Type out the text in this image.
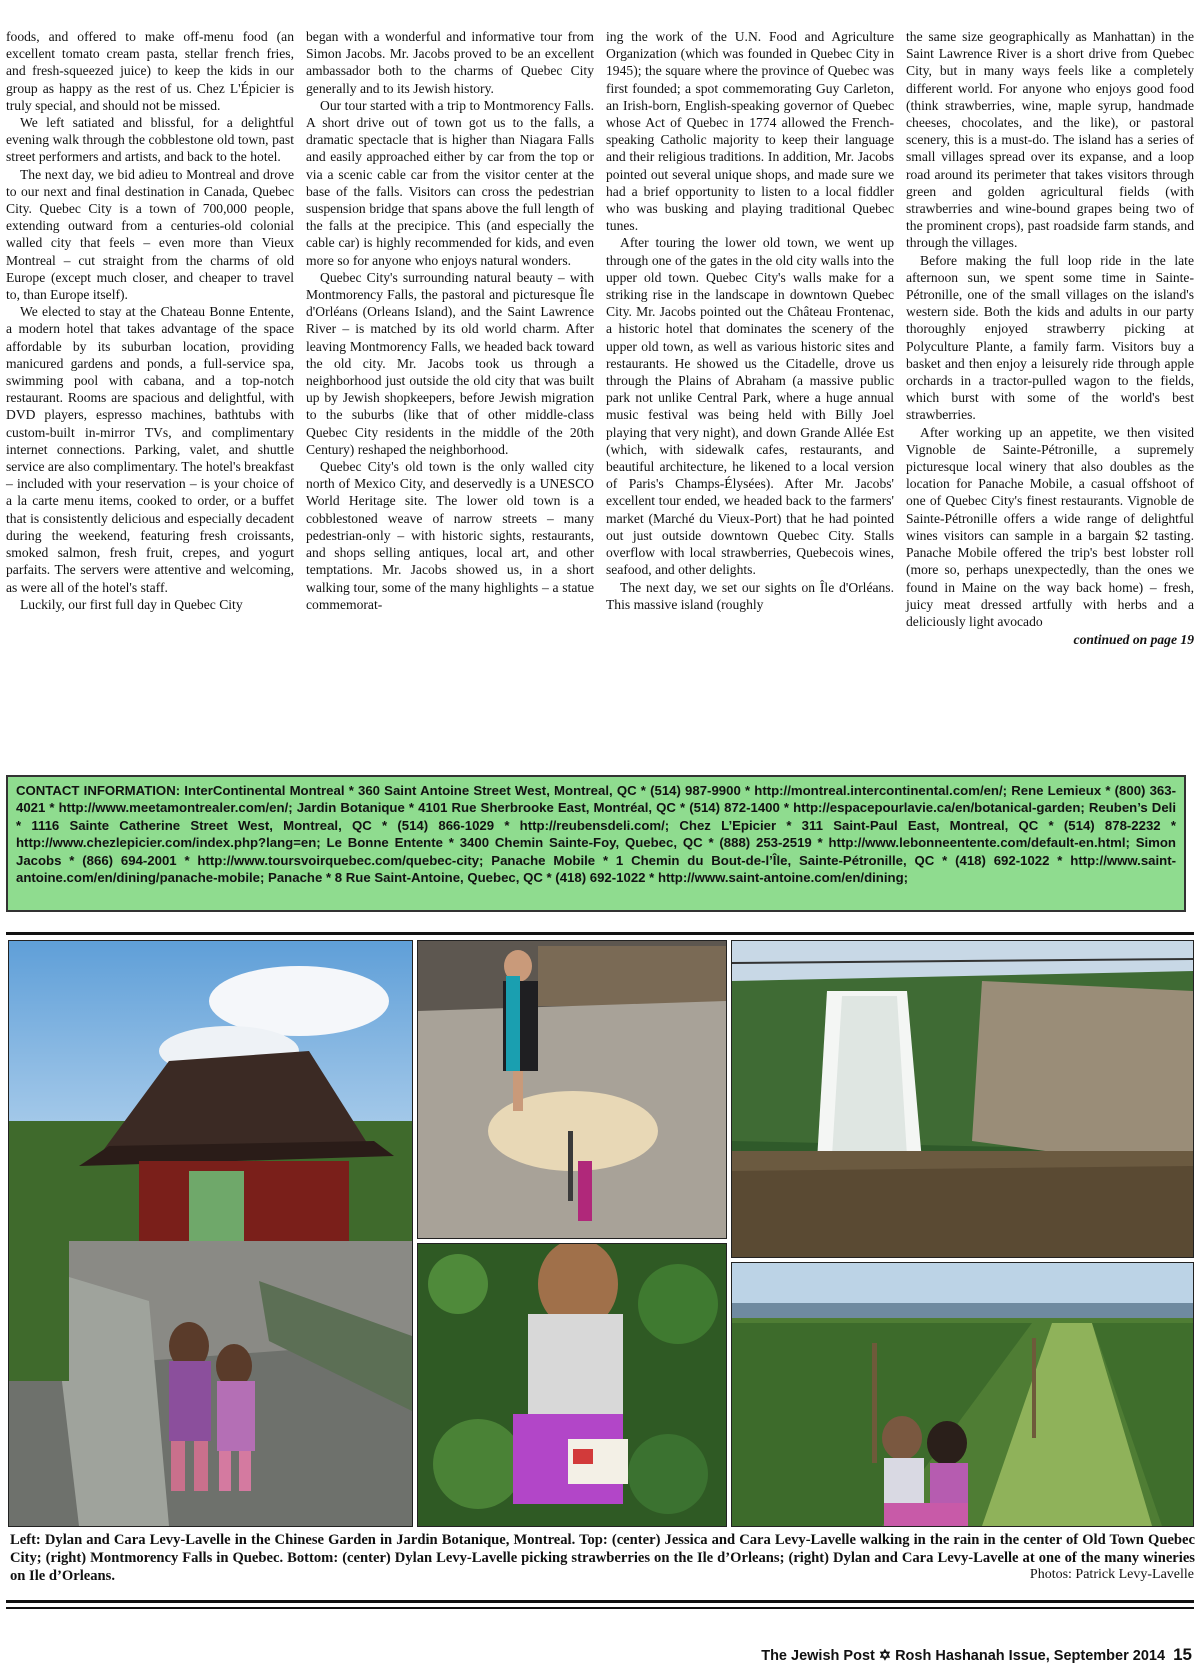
foods, and offered to make off-menu food (an excellent tomato cream pasta, stellar french fries, and fresh-squeezed juice) to keep the kids in our group as happy as the rest of us. Chez L'Épicier is truly special, and should not be missed.

We left satiated and blissful, for a delightful evening walk through the cobblestone old town, past street performers and artists, and back to the hotel.

The next day, we bid adieu to Montreal and drove to our next and final destination in Canada, Quebec City. Quebec City is a town of 700,000 people, extending outward from a centuries-old colonial walled city that feels – even more than Vieux Montreal – cut straight from the charms of old Europe (except much closer, and cheaper to travel to, than Europe itself).

We elected to stay at the Chateau Bonne Entente, a modern hotel that takes advantage of the space affordable by its suburban location, providing manicured gardens and ponds, a full-service spa, swimming pool with cabana, and a top-notch restaurant. Rooms are spacious and delightful, with DVD players, espresso machines, bathtubs with custom-built in-mirror TVs, and complimentary internet connections. Parking, valet, and shuttle service are also complimentary. The hotel's breakfast – included with your reservation – is your choice of a la carte menu items, cooked to order, or a buffet that is consistently delicious and especially decadent during the weekend, featuring fresh croissants, smoked salmon, fresh fruit, crepes, and yogurt parfaits. The servers were attentive and welcoming, as were all of the hotel's staff.

Luckily, our first full day in Quebec City

began with a wonderful and informative tour from Simon Jacobs. Mr. Jacobs proved to be an excellent ambassador both to the charms of Quebec City generally and to its Jewish history.

Our tour started with a trip to Montmorency Falls. A short drive out of town got us to the falls, a dramatic spectacle that is higher than Niagara Falls and easily approached either by car from the top or via a scenic cable car from the visitor center at the base of the falls. Visitors can cross the pedestrian suspension bridge that spans above the full length of the falls at the precipice. This (and especially the cable car) is highly recommended for kids, and even more so for anyone who enjoys natural wonders.

Quebec City's surrounding natural beauty – with Montmorency Falls, the pastoral and picturesque Île d'Orléans (Orleans Island), and the Saint Lawrence River – is matched by its old world charm. After leaving Montmorency Falls, we headed back toward the old city. Mr. Jacobs took us through a neighborhood just outside the old city that was built up by Jewish shopkeepers, before Jewish migration to the suburbs (like that of other middle-class Quebec City residents in the middle of the 20th Century) reshaped the neighborhood.

Quebec City's old town is the only walled city north of Mexico City, and deservedly is a UNESCO World Heritage site. The lower old town is a cobblestoned weave of narrow streets – many pedestrian-only – with historic sights, restaurants, and shops selling antiques, local art, and other temptations. Mr. Jacobs showed us, in a short walking tour, some of the many highlights – a statue commemorat-

ing the work of the U.N. Food and Agriculture Organization (which was founded in Quebec City in 1945); the square where the province of Quebec was first founded; a spot commemorating Guy Carleton, an Irish-born, English-speaking governor of Quebec whose Act of Quebec in 1774 allowed the French-speaking Catholic majority to keep their language and their religious traditions. In addition, Mr. Jacobs pointed out several unique shops, and made sure we had a brief opportunity to listen to a local fiddler who was busking and playing traditional Quebec tunes.

After touring the lower old town, we went up through one of the gates in the old city walls into the upper old town. Quebec City's walls make for a striking rise in the landscape in downtown Quebec City. Mr. Jacobs pointed out the Château Frontenac, a historic hotel that dominates the scenery of the upper old town, as well as various historic sites and restaurants. He showed us the Citadelle, drove us through the Plains of Abraham (a massive public park not unlike Central Park, where a huge annual music festival was being held with Billy Joel playing that very night), and down Grande Allée Est (which, with sidewalk cafes, restaurants, and beautiful architecture, he likened to a local version of Paris's Champs-Élysées). After Mr. Jacobs' excellent tour ended, we headed back to the farmers' market (Marché du Vieux-Port) that he had pointed out just outside downtown Quebec City. Stalls overflow with local strawberries, Quebecois wines, seafood, and other delights.

The next day, we set our sights on Île d'Orléans. This massive island (roughly

the same size geographically as Manhattan) in the Saint Lawrence River is a short drive from Quebec City, but in many ways feels like a completely different world. For anyone who enjoys good food (think strawberries, wine, maple syrup, handmade cheeses, chocolates, and the like), or pastoral scenery, this is a must-do. The island has a series of small villages spread over its expanse, and a loop road around its perimeter that takes visitors through green and golden agricultural fields (with strawberries and wine-bound grapes being two of the prominent crops), past roadside farm stands, and through the villages.

Before making the full loop ride in the late afternoon sun, we spent some time in Sainte-Pétronille, one of the small villages on the island's western side. Both the kids and adults in our party thoroughly enjoyed strawberry picking at Polyculture Plante, a family farm. Visitors buy a basket and then enjoy a leisurely ride through apple orchards in a tractor-pulled wagon to the fields, which burst with some of the world's best strawberries.

After working up an appetite, we then visited Vignoble de Sainte-Pétronille, a supremely picturesque local winery that also doubles as the location for Panache Mobile, a casual offshoot of one of Quebec City's finest restaurants. Vignoble de Sainte-Pétronille offers a wide range of delightful wines visitors can sample in a bargain $2 tasting. Panache Mobile offered the trip's best lobster roll (more so, perhaps unexpectedly, than the ones we found in Maine on the way back home) – fresh, juicy meat dressed artfully with herbs and a deliciously light avocado

continued on page 19
CONTACT INFORMATION: InterContinental Montreal * 360 Saint Antoine Street West, Montreal, QC * (514) 987-9900 * http://montreal.intercontinental.com/en/; Rene Lemieux * (800) 363-4021 * http://www.meetamontrealer.com/en/; Jardin Botanique * 4101 Rue Sherbrooke East, Montréal, QC * (514) 872-1400 * http://espacepourlavie.ca/en/botanical-garden; Reuben’s Deli * 1116 Sainte Catherine Street West, Montreal, QC * (514) 866-1029 * http://reubensdeli.com/; Chez L’Epicier * 311 Saint-Paul East, Montreal, QC * (514) 878-2232 * http://www.chezlepicier.com/index.php?lang=en; Le Bonne Entente * 3400 Chemin Sainte-Foy, Quebec, QC * (888) 253-2519 * http://www.lebonneentente.com/default-en.html; Simon Jacobs * (866) 694-2001 * http://www.toursvoirquebec.com/quebec-city; Panache Mobile * 1 Chemin du Bout-de-l’Île, Sainte-Pétronille, QC * (418) 692-1022 * http://www.saint-antoine.com/en/dining/panache-mobile; Panache * 8 Rue Saint-Antoine, Quebec, QC * (418) 692-1022 * http://www.saint-antoine.com/en/dining;
Left: Dylan and Cara Levy-Lavelle in the Chinese Garden in Jardin Botanique, Montreal. Top: (center) Jessica and Cara Levy-Lavelle walking in the rain in the center of Old Town Quebec City; (right) Montmorency Falls in Quebec. Bottom: (center) Dylan Levy-Lavelle picking strawberries on the Ile d’Orleans; (right) Dylan and Cara Levy-Lavelle at one of the many wineries on Ile d’Orleans.	Photos: Patrick Levy-Lavelle
The Jewish Post ✡ Rosh Hashanah Issue, September 2014 15
